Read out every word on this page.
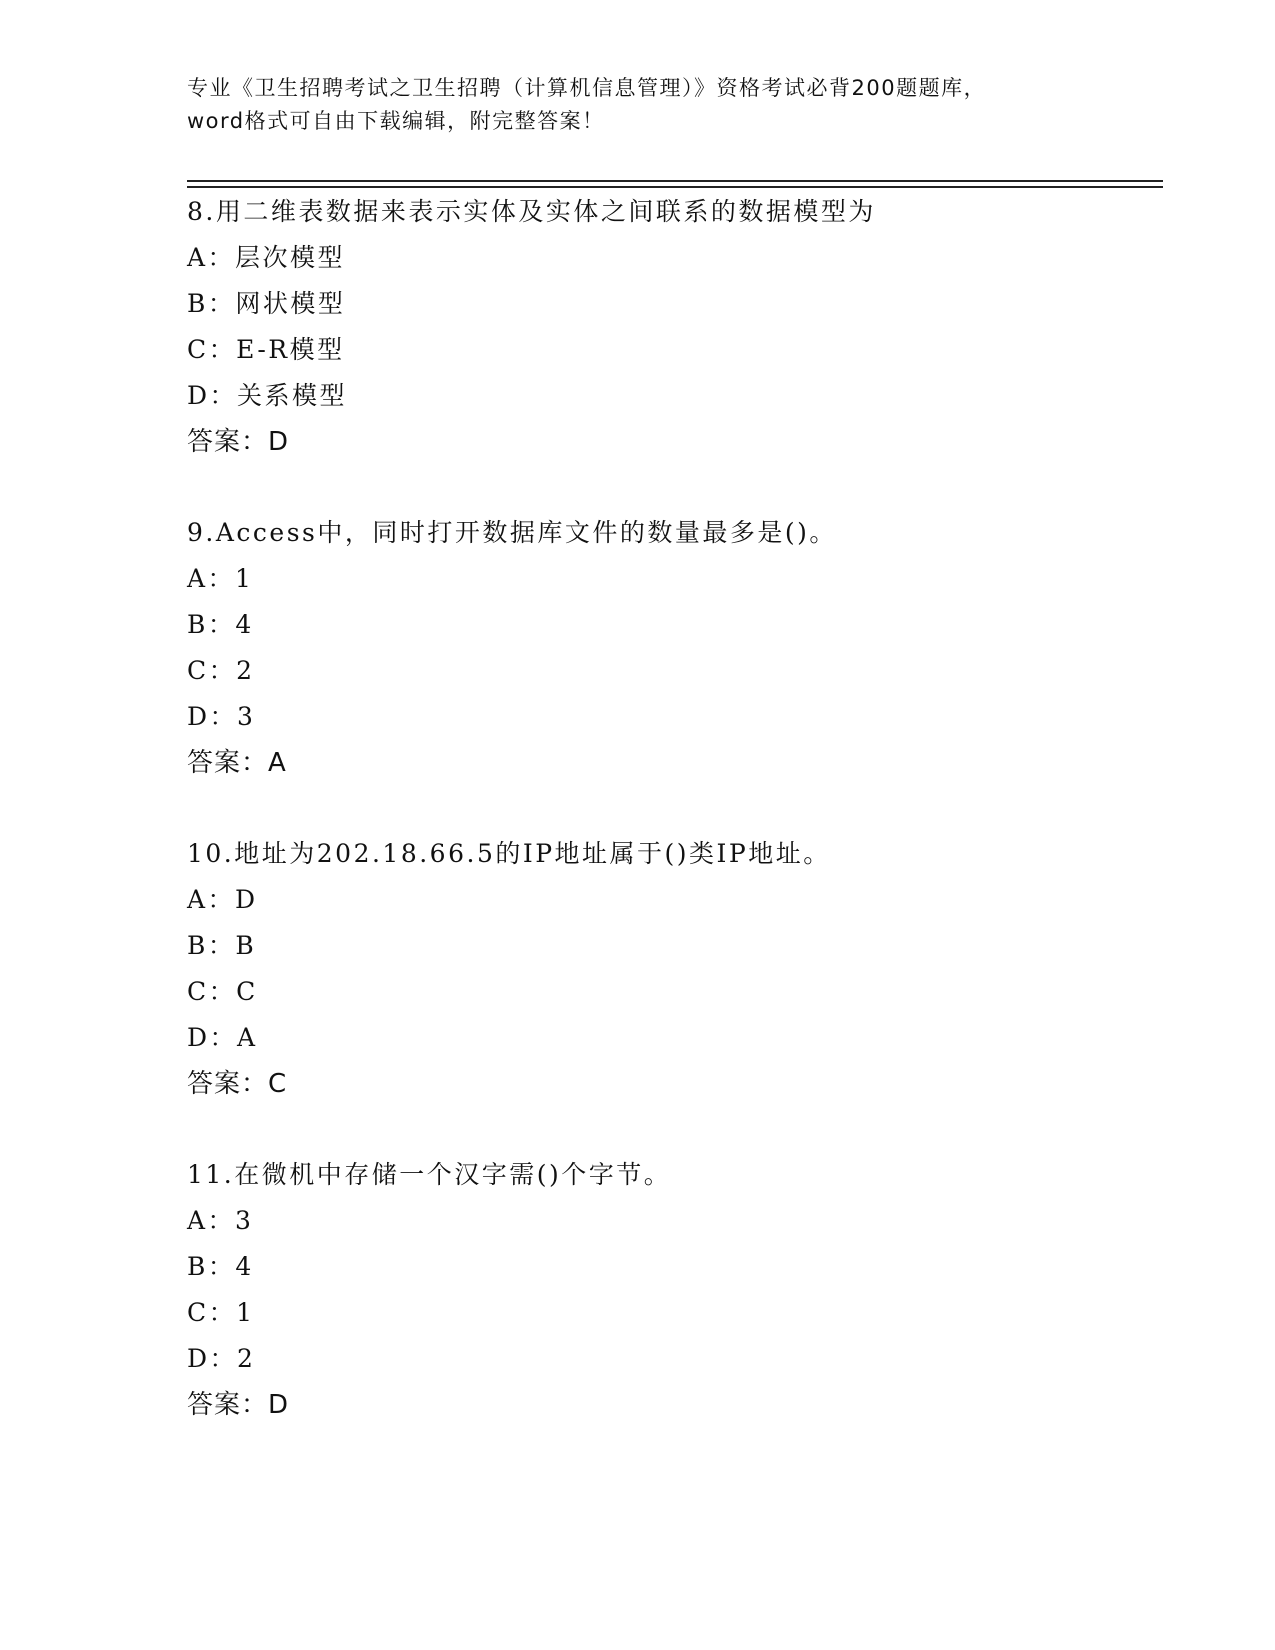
专业《卫生招聘考试之卫生招聘（计算机信息管理）》资格考试必背200题题库，
word格式可自由下载编辑，附完整答案！
8.用二维表数据来表示实体及实体之间联系的数据模型为
A：层次模型
B：网状模型
C：E-R模型
D：关系模型
答案：D
9.Access中，同时打开数据库文件的数量最多是()。
A：1
B：4
C：2
D：3
答案：A
10.地址为202.18.66.5的IP地址属于()类IP地址。
A：D
B：B
C：C
D：A
答案：C
11.在微机中存储一个汉字需()个字节。
A：3
B：4
C：1
D：2
答案：D
